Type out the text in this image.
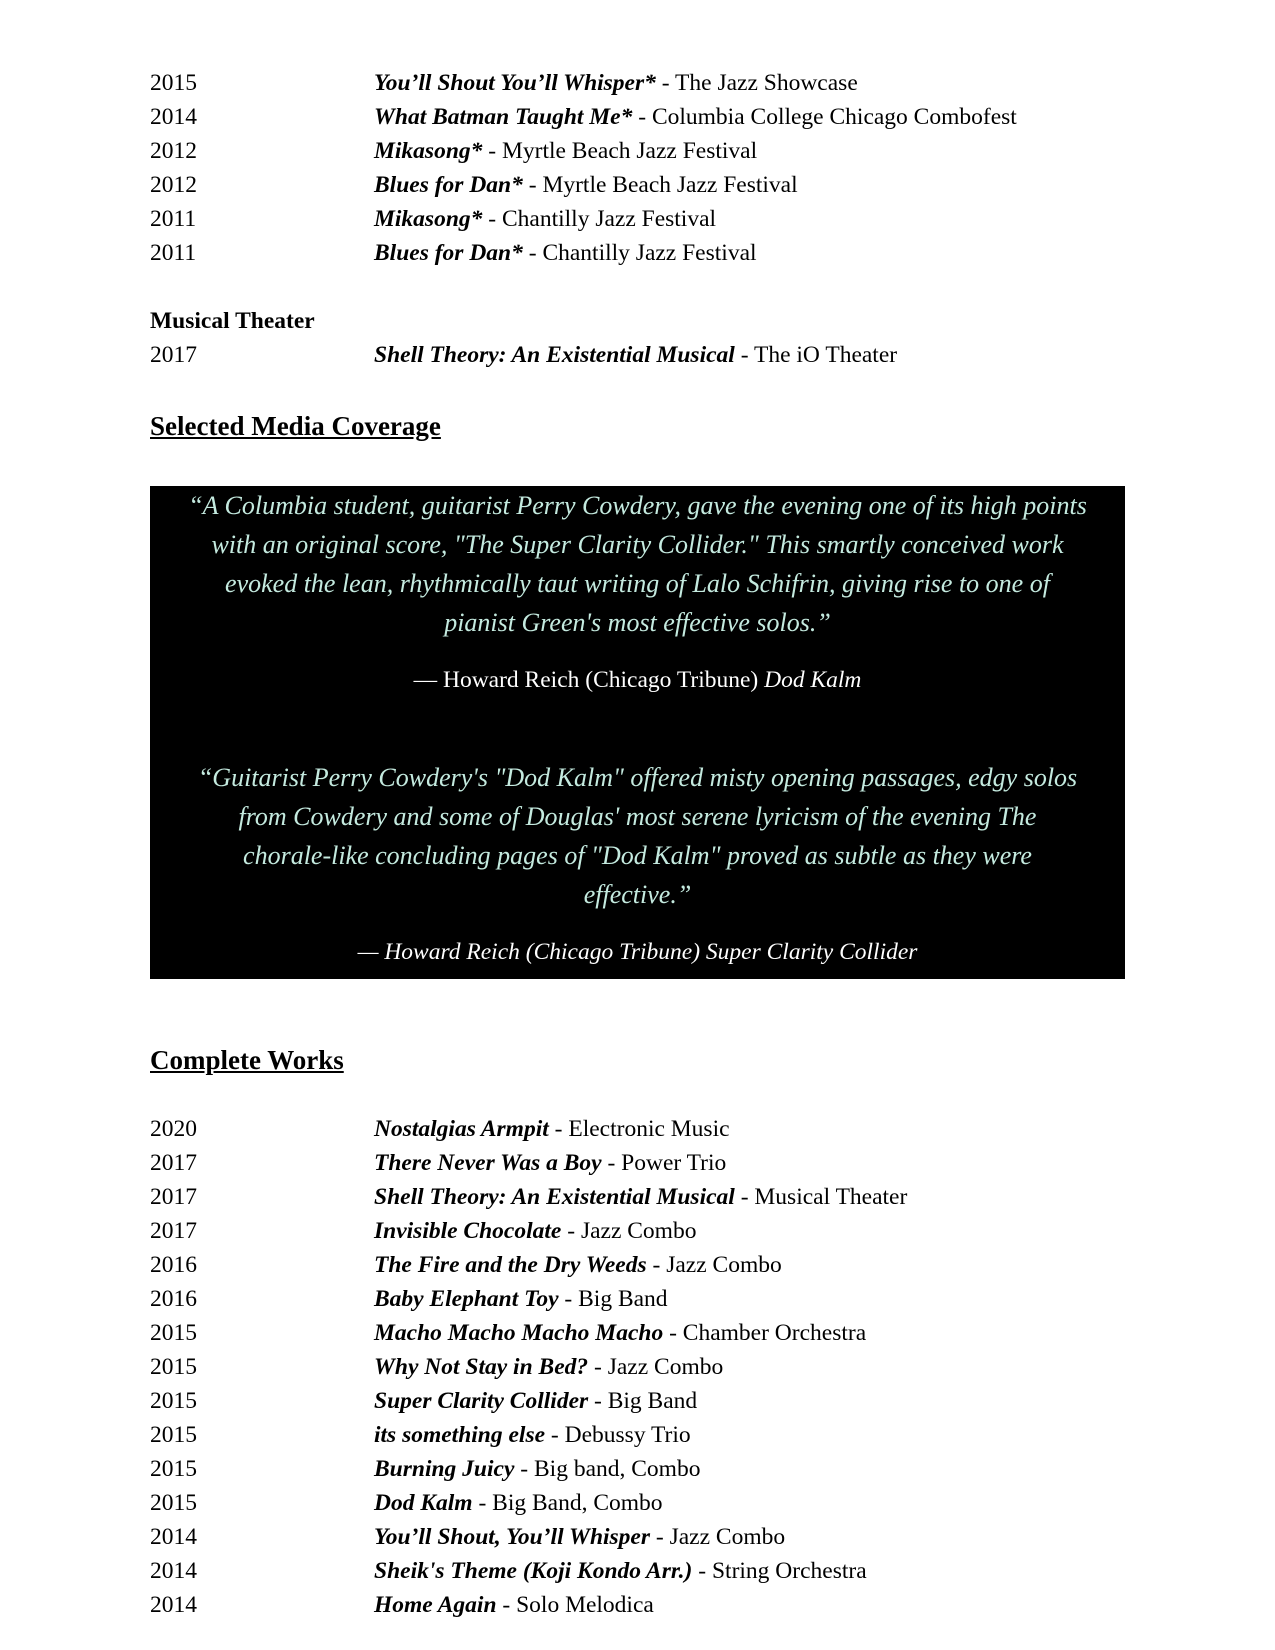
2015	You’ll Shout You’ll Whisper* - The Jazz Showcase
2014	What Batman Taught Me* - Columbia College Chicago Combofest
2012	Mikasong* - Myrtle Beach Jazz Festival
2012	Blues for Dan* - Myrtle Beach Jazz Festival
2011	Mikasong* - Chantilly Jazz Festival
2011	Blues for Dan* - Chantilly Jazz Festival
Musical Theater
2017	Shell Theory: An Existential Musical - The iO Theater
Selected Media Coverage
“A Columbia student, guitarist Perry Cowdery, gave the evening one of its high points
with an original score, "The Super Clarity Collider." This smartly conceived work
evoked the lean, rhythmically taut writing of Lalo Schifrin, giving rise to one of
pianist Green's most effective solos.”
— Howard Reich (Chicago Tribune) Dod Kalm
“Guitarist Perry Cowdery's "Dod Kalm" offered misty opening passages, edgy solos
from Cowdery and some of Douglas' most serene lyricism of the evening The
chorale-like concluding pages of "Dod Kalm" proved as subtle as they were
effective.”
— Howard Reich (Chicago Tribune) Super Clarity Collider
Complete Works
2020	Nostalgias Armpit - Electronic Music
2017	There Never Was a Boy - Power Trio
2017	Shell Theory: An Existential Musical - Musical Theater
2017	Invisible Chocolate - Jazz Combo
2016	The Fire and the Dry Weeds - Jazz Combo
2016	Baby Elephant Toy - Big Band
2015	Macho Macho Macho Macho - Chamber Orchestra
2015	Why Not Stay in Bed? - Jazz Combo
2015	Super Clarity Collider - Big Band
2015	its something else - Debussy Trio
2015	Burning Juicy - Big band, Combo
2015	Dod Kalm - Big Band, Combo
2014	You’ll Shout, You’ll Whisper - Jazz Combo
2014	Sheik's Theme (Koji Kondo Arr.) - String Orchestra
2014	Home Again - Solo Melodica
